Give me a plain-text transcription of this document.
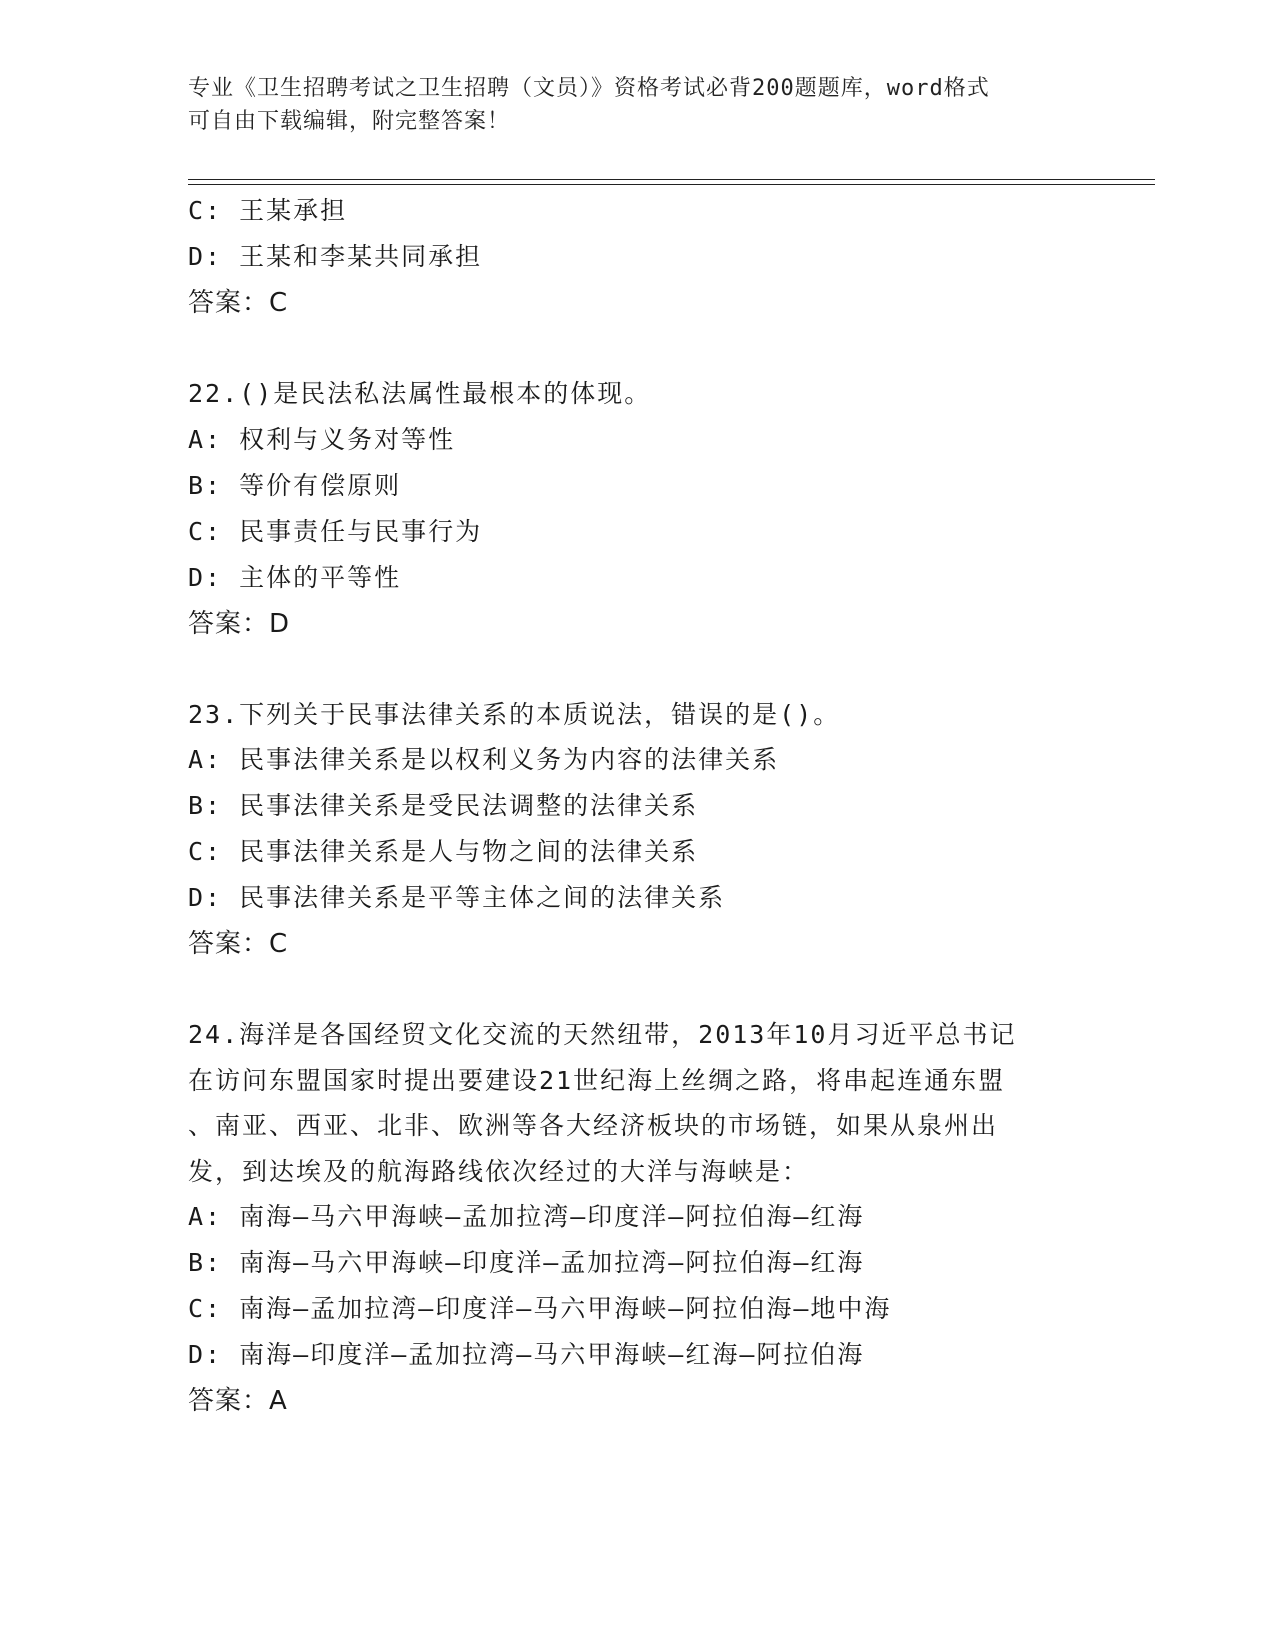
专业《卫生招聘考试之卫生招聘（文员）》资格考试必背200题题库，word格式
可自由下载编辑，附完整答案！
C: 王某承担
D: 王某和李某共同承担
答案：C
22.()是民法私法属性最根本的体现。
A: 权利与义务对等性
B: 等价有偿原则
C: 民事责任与民事行为
D: 主体的平等性
答案：D
23.下列关于民事法律关系的本质说法，错误的是()。
A: 民事法律关系是以权利义务为内容的法律关系
B: 民事法律关系是受民法调整的法律关系
C: 民事法律关系是人与物之间的法律关系
D: 民事法律关系是平等主体之间的法律关系
答案：C
24.海洋是各国经贸文化交流的天然纽带，2013年10月习近平总书记
在访问东盟国家时提出要建设21世纪海上丝绸之路，将串起连通东盟
、南亚、西亚、北非、欧洲等各大经济板块的市场链，如果从泉州出
发，到达埃及的航海路线依次经过的大洋与海峡是：
A: 南海—马六甲海峡—孟加拉湾—印度洋—阿拉伯海—红海
B: 南海—马六甲海峡—印度洋—孟加拉湾—阿拉伯海—红海
C: 南海—孟加拉湾—印度洋—马六甲海峡—阿拉伯海—地中海
D: 南海—印度洋—孟加拉湾—马六甲海峡—红海—阿拉伯海
答案：A
